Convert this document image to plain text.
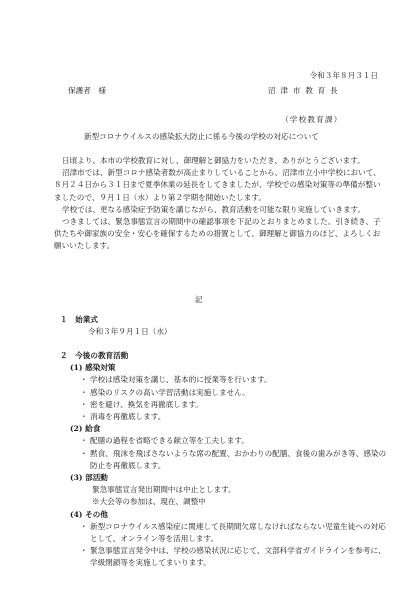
令和３年８月３１日
保護者　様	沼 津 市 教 育 長
（学校教育課）
新型コロナウイルスの感染拡大防止に係る今後の学校の対応について

日頃より、本市の学校教育に対し、御理解と御協力をいただき、ありがとうございます。

沼津市では、新型コロナ感染者数が高止まりしていることから、沼津市立小中学校において、８月２４日から３１日まで夏季休業の延長をしてきましたが、学校での感染対策等の準備が整いましたので、９月１日（水）より第２学期を開始いたします。

学校では、更なる感染症予防策を講じながら、教育活動を可能な限り実施していきます。

つきましては、緊急事態宣言の期間中の確認事項を下記のとおりまとめました。引き続き、子供たちや御家族の安全・安心を確保するための措置として、御理解と御協力のほど、よろしくお願いいたします。

記
１　始業式
令和３年９月１日（水）
２　今後の教育活動
(1) 感染対策
・ 学校は感染対策を講じ、基本的に授業等を行います。
・ 感染のリスクの高い学習活動は実施しません。
・ 密を避け、換気を再徹底します。
・ 消毒を再徹底します。
(2) 給食
・ 配膳の過程を省略できる献立等を工夫します。
・ 黙食、飛沫を飛ばさないような席の配置、おかわりの配膳、食後の歯みがき等、感染の防止を再徹底します。
(3) 部活動
緊急事態宣言発出期間中は中止とします。
※大会等の参加は、現在、調整中
(4) その他
・ 新型コロナウイルス感染症に関連して長期間欠席しなければならない児童生徒への対応として、オンライン等を活用します。
・ 緊急事態宣言発令中は、学校の感染状況に応じて、文部科学省ガイドラインを参考に、学級閉鎖等を実施してまいります。
